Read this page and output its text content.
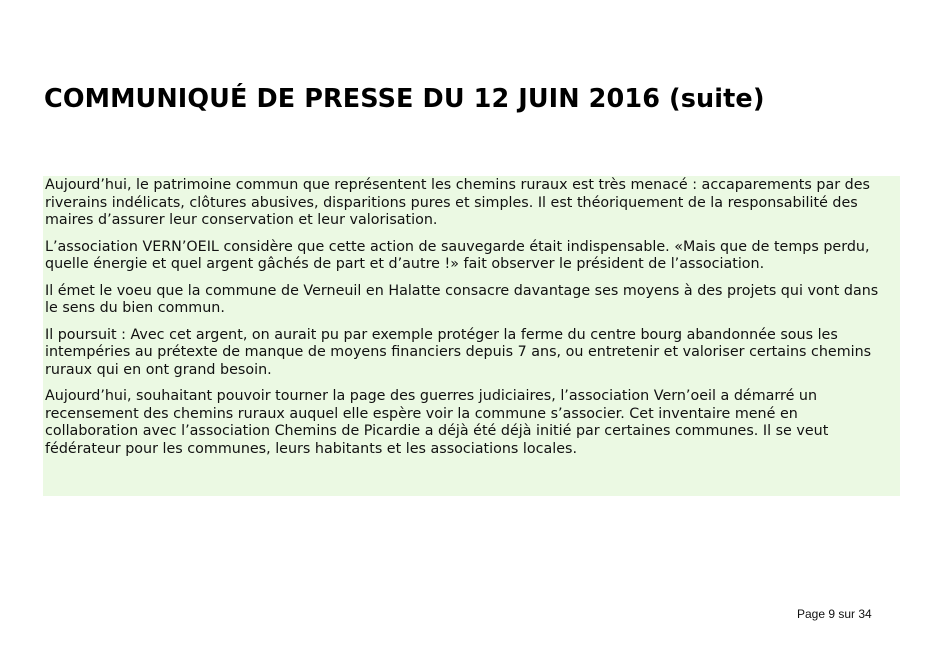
COMMUNIQUÉ DE PRESSE DU 12 JUIN 2016 (suite)

Aujourd’hui, le patrimoine commun que représentent les chemins ruraux est très menacé : accaparements par des riverains indélicats, clôtures abusives, disparitions pures et simples. Il est théoriquement de la responsabilité des maires d’assurer leur conservation et leur valorisation.

L’association VERN’OEIL considère que cette action de sauvegarde était indispensable. «Mais que de temps perdu, quelle énergie et quel argent gâchés de part et d’autre !» fait observer le président de l’association.

Il émet le voeu que la commune de Verneuil en Halatte consacre davantage ses moyens à des projets qui vont dans le sens du bien commun.

Il poursuit : Avec cet argent, on aurait pu par exemple protéger la ferme du centre bourg abandonnée sous les intempéries au prétexte de manque de moyens financiers depuis 7 ans, ou entretenir et valoriser certains chemins ruraux qui en ont grand besoin.

Aujourd’hui, souhaitant pouvoir tourner la page des guerres judiciaires, l’association Vern’oeil a démarré un recensement des chemins ruraux auquel elle espère voir la commune s’associer. Cet inventaire mené en collaboration avec l’association Chemins de Picardie a déjà été déjà initié par certaines communes. Il se veut fédérateur pour les communes, leurs habitants et les associations locales.

Page 9 sur 34
